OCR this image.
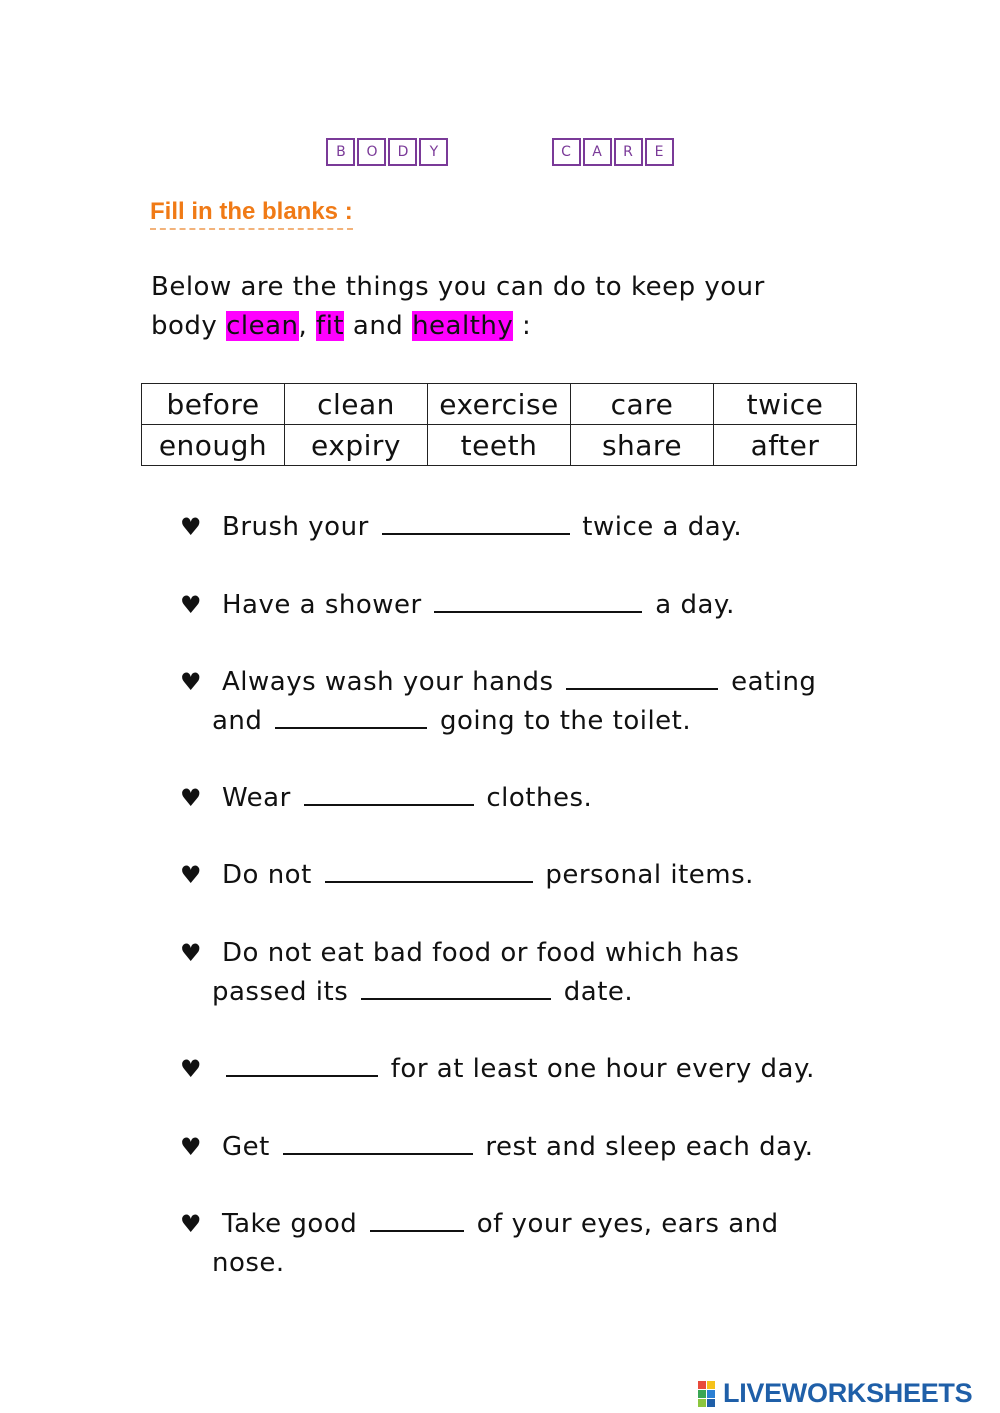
B O D Y	C A R E
Fill in the blanks :
Below are the things you can do to keep your
body clean, fit and healthy :
before	clean	exercise	care	twice
enough	expiry	teeth	share	after
♥ Brush your	twice a day.
♥ Have a shower	a day.
♥ Always wash your hands	eating
and	going to the toilet.
♥ Wear	clothes.
♥ Do not	personal items.
♥ Do not eat bad food or food which has
passed its	date.
♥	for at least one hour every day.
♥ Get	rest and sleep each day.
♥ Take good	of your eyes, ears and
nose.

LIVEWORKSHEETS
